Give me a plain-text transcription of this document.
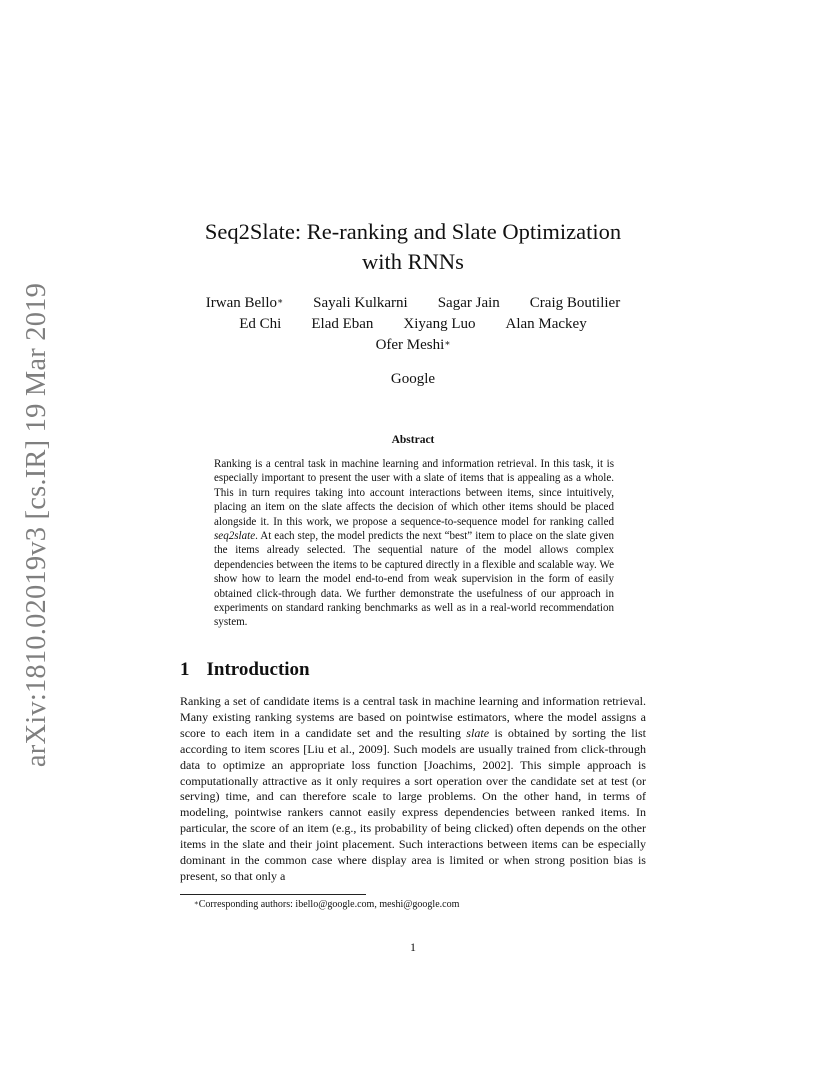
arXiv:1810.02019v3 [cs.IR] 19 Mar 2019
Seq2Slate: Re-ranking and Slate Optimization
with RNNs
Irwan Bello∗ Sayali Kulkarni Sagar Jain Craig Boutilier
Ed Chi Elad Eban Xiyang Luo Alan Mackey
Ofer Meshi∗
Google
Abstract

Ranking is a central task in machine learning and information retrieval. In this task, it is especially important to present the user with a slate of items that is appealing as a whole. This in turn requires taking into account interactions between items, since intuitively, placing an item on the slate affects the decision of which other items should be placed alongside it. In this work, we propose a sequence-to-sequence model for ranking called seq2slate. At each step, the model predicts the next “best” item to place on the slate given the items already selected. The sequential nature of the model allows complex dependencies between the items to be captured directly in a flexible and scalable way. We show how to learn the model end-to-end from weak supervision in the form of easily obtained click-through data. We further demonstrate the usefulness of our approach in experiments on standard ranking benchmarks as well as in a real-world recommendation system.

1 Introduction

Ranking a set of candidate items is a central task in machine learning and information retrieval. Many existing ranking systems are based on pointwise estimators, where the model assigns a score to each item in a candidate set and the resulting slate is obtained by sorting the list according to item scores [Liu et al., 2009]. Such models are usually trained from click-through data to optimize an appropriate loss function [Joachims, 2002]. This simple approach is computationally attractive as it only requires a sort operation over the candidate set at test (or serving) time, and can therefore scale to large problems. On the other hand, in terms of modeling, pointwise rankers cannot easily express dependencies between ranked items. In particular, the score of an item (e.g., its probability of being clicked) often depends on the other items in the slate and their joint placement. Such interactions between items can be especially dominant in the common case where display area is limited or when strong position bias is present, so that only a

∗Corresponding authors: ibello@google.com, meshi@google.com

1
